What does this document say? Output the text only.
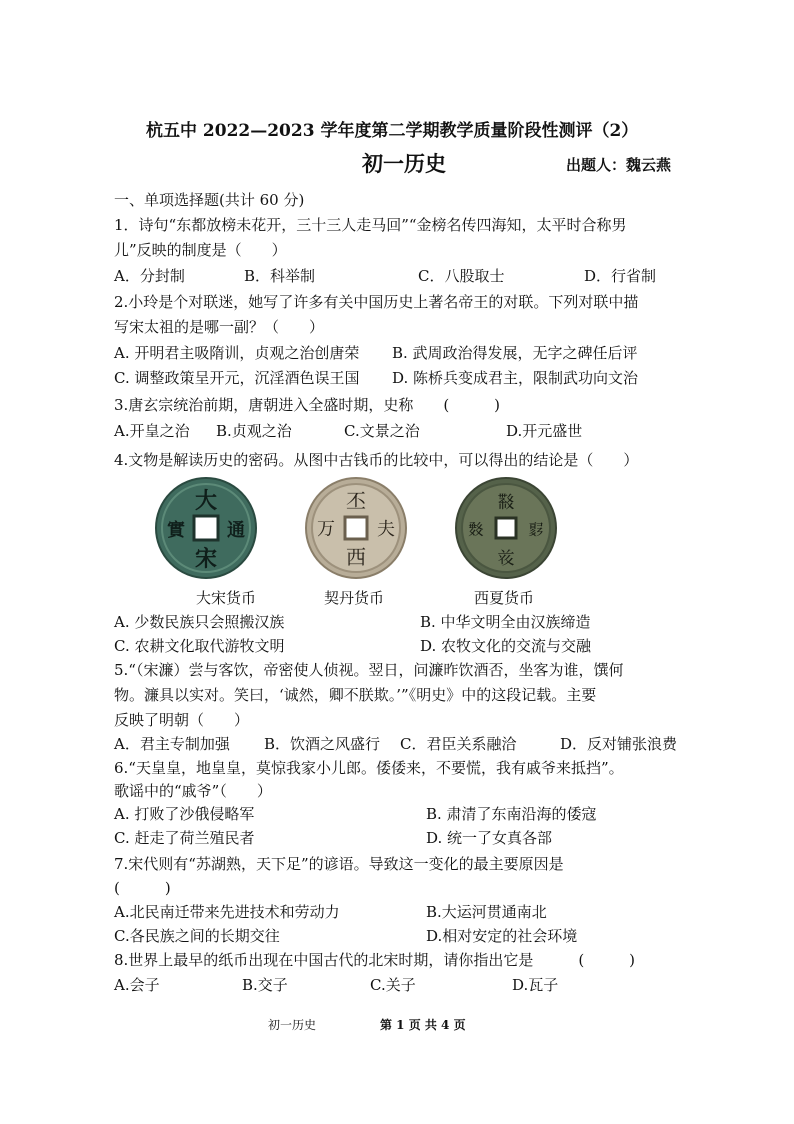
杭五中 2022—2023 学年度第二学期教学质量阶段性测评（2）
初一历史	出题人：魏云燕
一、单项选择题(共计 60 分)
1．诗句“东都放榜未花开，三十三人走马回”“金榜名传四海知，太平时合称男
儿”反映的制度是（　　）
A．分封制	B．科举制	C．八股取士	D．行省制
2.小玲是个对联迷，她写了许多有关中国历史上著名帝王的对联。下列对联中描
写宋太祖的是哪一副？（　　）
A. 开明君主吸隋训，贞观之治创唐荣 B. 武周政治得发展，无字之碑任后评
C. 调整政策呈开元，沉淫酒色误王国 D. 陈桥兵变成君主，限制武功向文治
3.唐玄宗统治前期，唐朝进入全盛时期，史称　　(　　　)
A.开皇之治 B.贞观之治	C.文景之治	D.开元盛世
4.文物是解读历史的密码。从图中古钱币的比较中，可以得出的结论是（　　）
大
宋
實 通
丕
西
万 夫
𘜶
𘝞
𘞃	𘜼
大宋货币	契丹货币	西夏货币
A. 少数民族只会照搬汉族	B. 中华文明全由汉族缔造
C. 农耕文化取代游牧文明	D. 农牧文化的交流与交融
5.“（宋濂）尝与客饮，帝密使人侦视。翌日，问濂昨饮酒否，坐客为谁，馔何
物。濂具以实对。笑曰，‘诚然，卿不朕欺。’”《明史》中的这段记载。主要
反映了明朝（　　）
A．君主专制加强 B．饮酒之风盛行 C．君臣关系融洽	D．反对铺张浪费
6.“天皇皇，地皇皇，莫惊我家小儿郎。倭倭来，不要慌，我有戚爷来抵挡”。
歌谣中的“戚爷”（　　）
A. 打败了沙俄侵略军	B. 肃清了东南沿海的倭寇
C. 赶走了荷兰殖民者	D. 统一了女真各部
7.宋代则有“苏湖熟，天下足”的谚语。导致这一变化的最主要原因是
(　　　)
A.北民南迁带来先进技术和劳动力	B.大运河贯通南北
C.各民族之间的长期交往	D.相对安定的社会环境
8.世界上最早的纸币出现在中国古代的北宋时期，请你指出它是　　　(　　　)
A.会子	B.交子	C.关子	D.瓦子
初一历史	第 1 页 共 4 页
